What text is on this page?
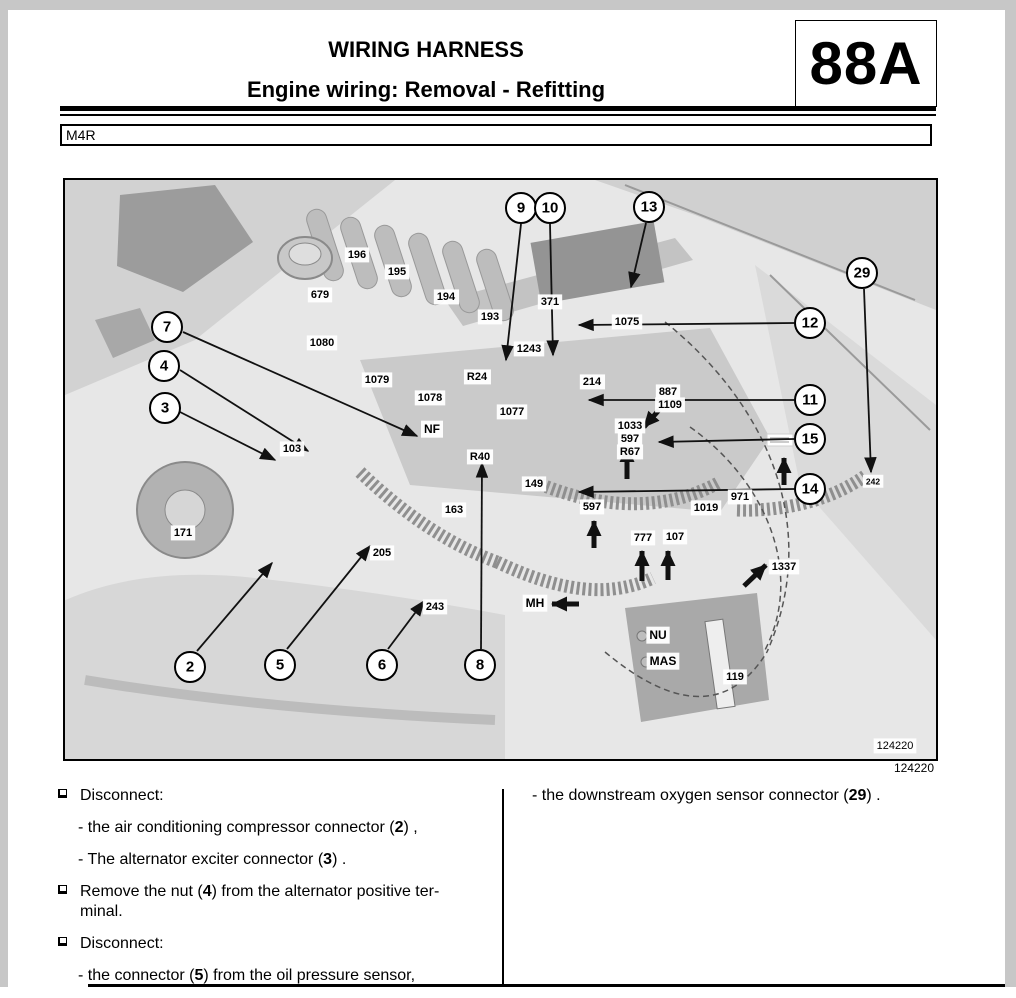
WIRING HARNESS
Engine wiring: Removal - Refitting	88A
M4R
196
195
679	194
193
1080
1079
1078
R24
1077
371
1075
1243
214
887
1109
1033
597
R67
NF
R40
149
163	597
971
1019
777 107
1337
103
171
205
243	MH
NU
MAS
119
242
124220
7
4
3
2	5	6	8
9 10	13
12
11
15
14
29
124220
Disconnect:
- the air conditioning compressor connector (2) ,
- The alternator exciter connector (3) .
Remove the nut (4) from the alternator positive ter-
minal.
Disconnect:
- the connector (5) from the oil pressure sensor,
- the downstream oxygen sensor connector (29) .
